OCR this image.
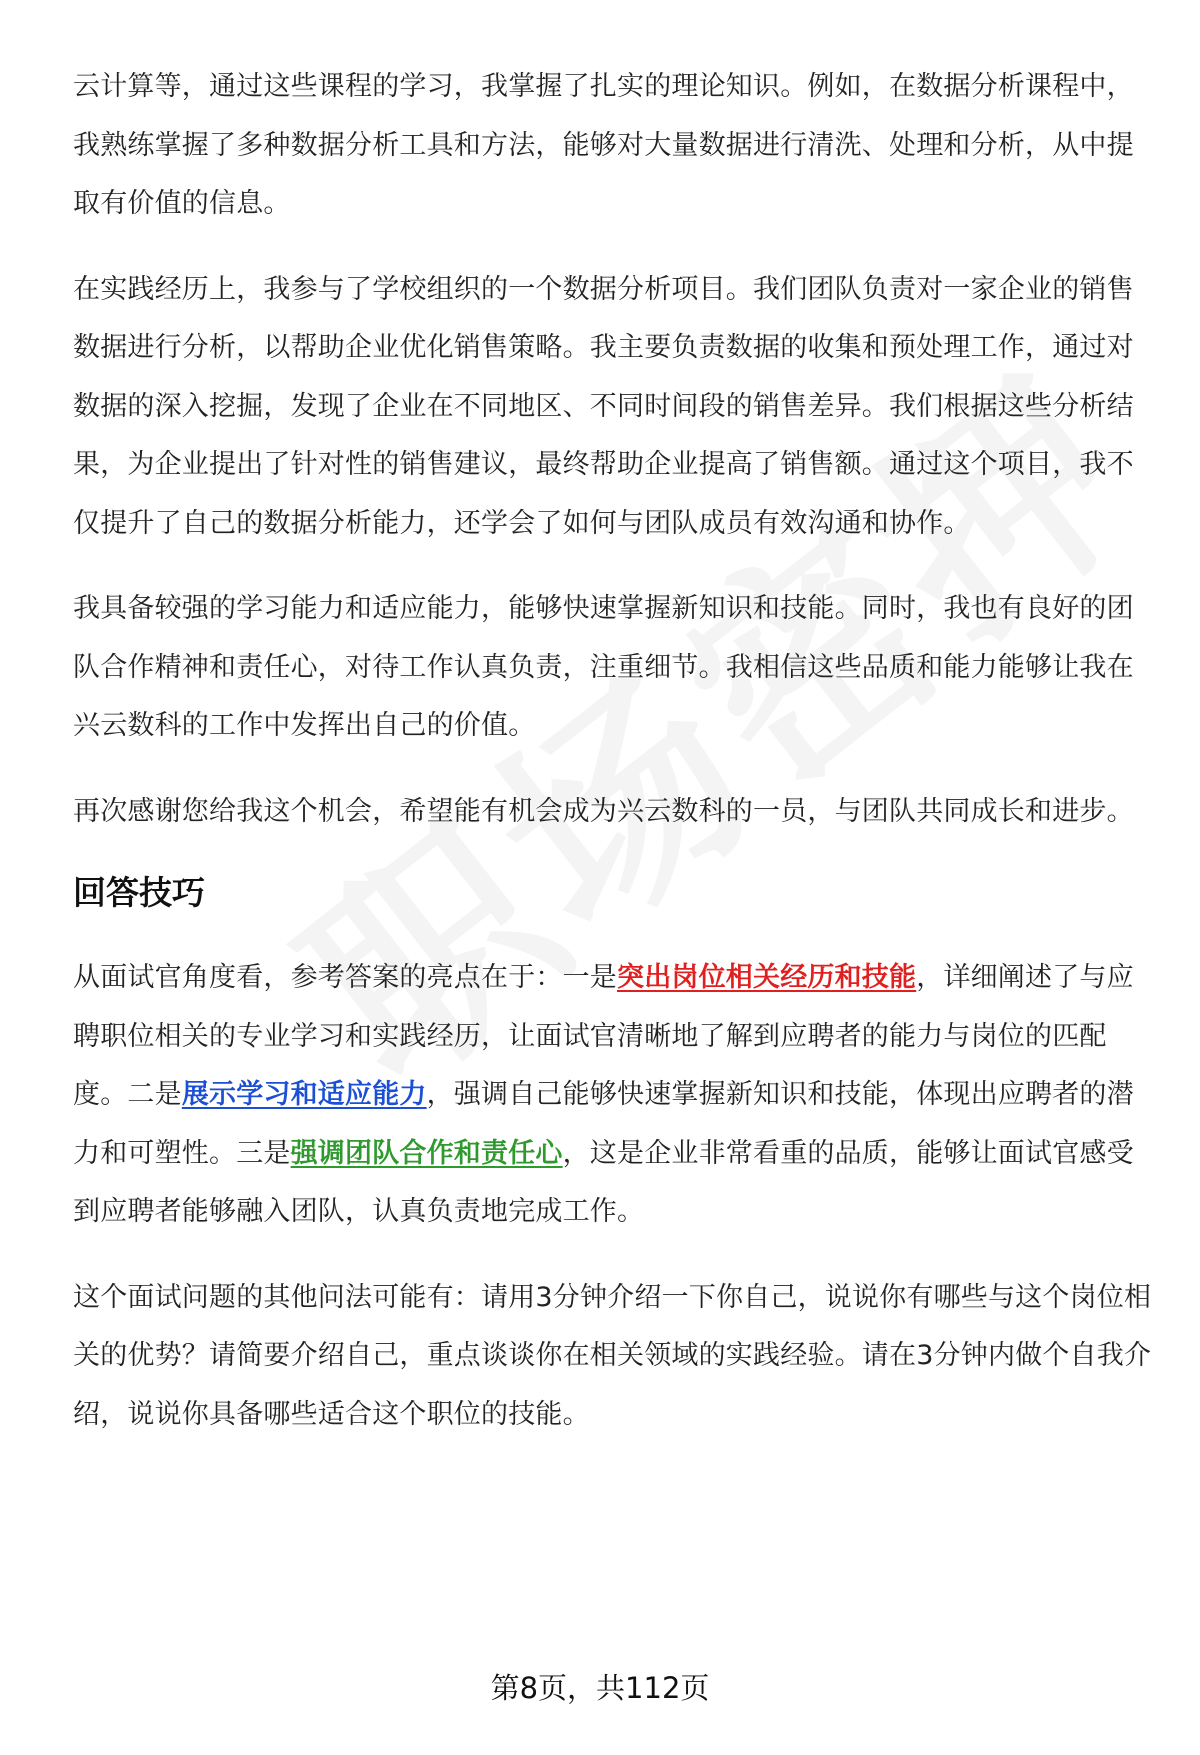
云计算等，通过这些课程的学习，我掌握了扎实的理论知识。例如，在数据分析课程中，我熟练掌握了多种数据分析工具和方法，能够对大量数据进行清洗、处理和分析，从中提取有价值的信息。

在实践经历上，我参与了学校组织的一个数据分析项目。我们团队负责对一家企业的销售数据进行分析，以帮助企业优化销售策略。我主要负责数据的收集和预处理工作，通过对数据的深入挖掘，发现了企业在不同地区、不同时间段的销售差异。我们根据这些分析结果，为企业提出了针对性的销售建议，最终帮助企业提高了销售额。通过这个项目，我不仅提升了自己的数据分析能力，还学会了如何与团队成员有效沟通和协作。

我具备较强的学习能力和适应能力，能够快速掌握新知识和技能。同时，我也有良好的团队合作精神和责任心，对待工作认真负责，注重细节。我相信这些品质和能力能够让我在兴云数科的工作中发挥出自己的价值。

再次感谢您给我这个机会，希望能有机会成为兴云数科的一员，与团队共同成长和进步。

回答技巧

从面试官角度看，参考答案的亮点在于：一是突出岗位相关经历和技能，详细阐述了与应聘职位相关的专业学习和实践经历，让面试官清晰地了解到应聘者的能力与岗位的匹配度。二是展示学习和适应能力，强调自己能够快速掌握新知识和技能，体现出应聘者的潜力和可塑性。三是强调团队合作和责任心，这是企业非常看重的品质，能够让面试官感受到应聘者能够融入团队，认真负责地完成工作。

这个面试问题的其他问法可能有：请用3分钟介绍一下你自己，说说你有哪些与这个岗位相关的优势？请简要介绍自己，重点谈谈你在相关领域的实践经验。请在3分钟内做个自我介绍，说说你具备哪些适合这个职位的技能。

第8页，共112页
